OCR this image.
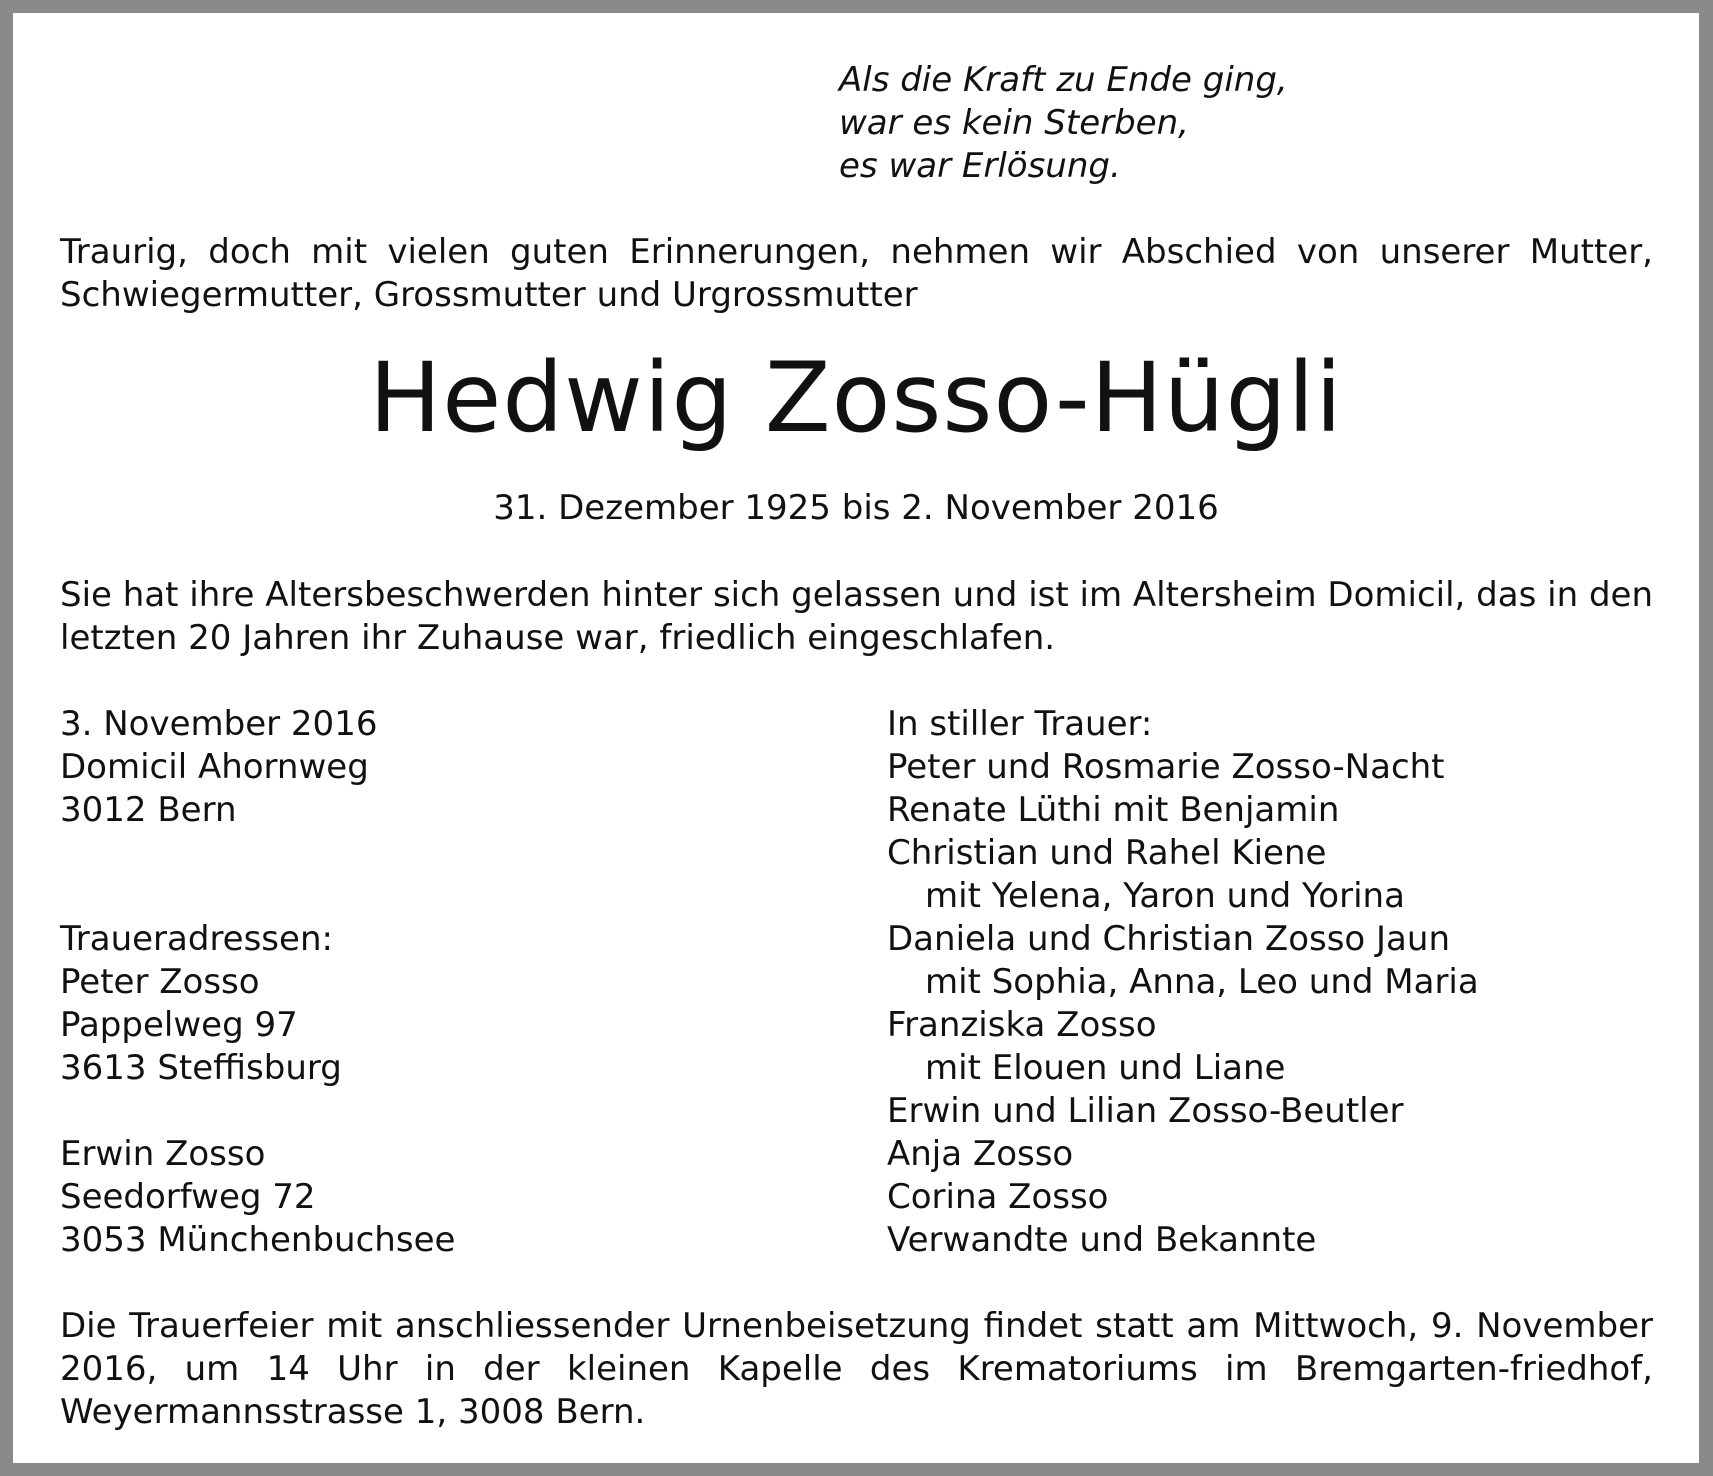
Als die Kraft zu Ende ging,
war es kein Sterben,
es war Erlösung.
Traurig, doch mit vielen guten Erinnerungen, nehmen wir Abschied von unserer Mutter, Schwiegermutter, Grossmutter und Urgrossmutter
Hedwig Zosso-Hügli
31. Dezember 1925 bis 2. November 2016
Sie hat ihre Altersbeschwerden hinter sich gelassen und ist im Altersheim Domicil, das in den letzten 20 Jahren ihr Zuhause war, friedlich eingeschlafen.
3. November 2016
Domicil Ahornweg
3012 Bern
Traueradressen:
Peter Zosso
Pappelweg 97
3613 Steffisburg
Erwin Zosso
Seedorfweg 72
3053 Münchenbuchsee
In stiller Trauer:
Peter und Rosmarie Zosso-Nacht
Renate Lüthi mit Benjamin
Christian und Rahel Kiene
mit Yelena, Yaron und Yorina
Daniela und Christian Zosso Jaun
mit Sophia, Anna, Leo und Maria
Franziska Zosso
mit Elouen und Liane
Erwin und Lilian Zosso-Beutler
Anja Zosso
Corina Zosso
Verwandte und Bekannte
Die Trauerfeier mit anschliessender Urnenbeisetzung findet statt am Mittwoch, 9. November 2016, um 14 Uhr in der kleinen Kapelle des Krematoriums im Bremgarten-friedhof, Weyermannsstrasse 1, 3008 Bern.
